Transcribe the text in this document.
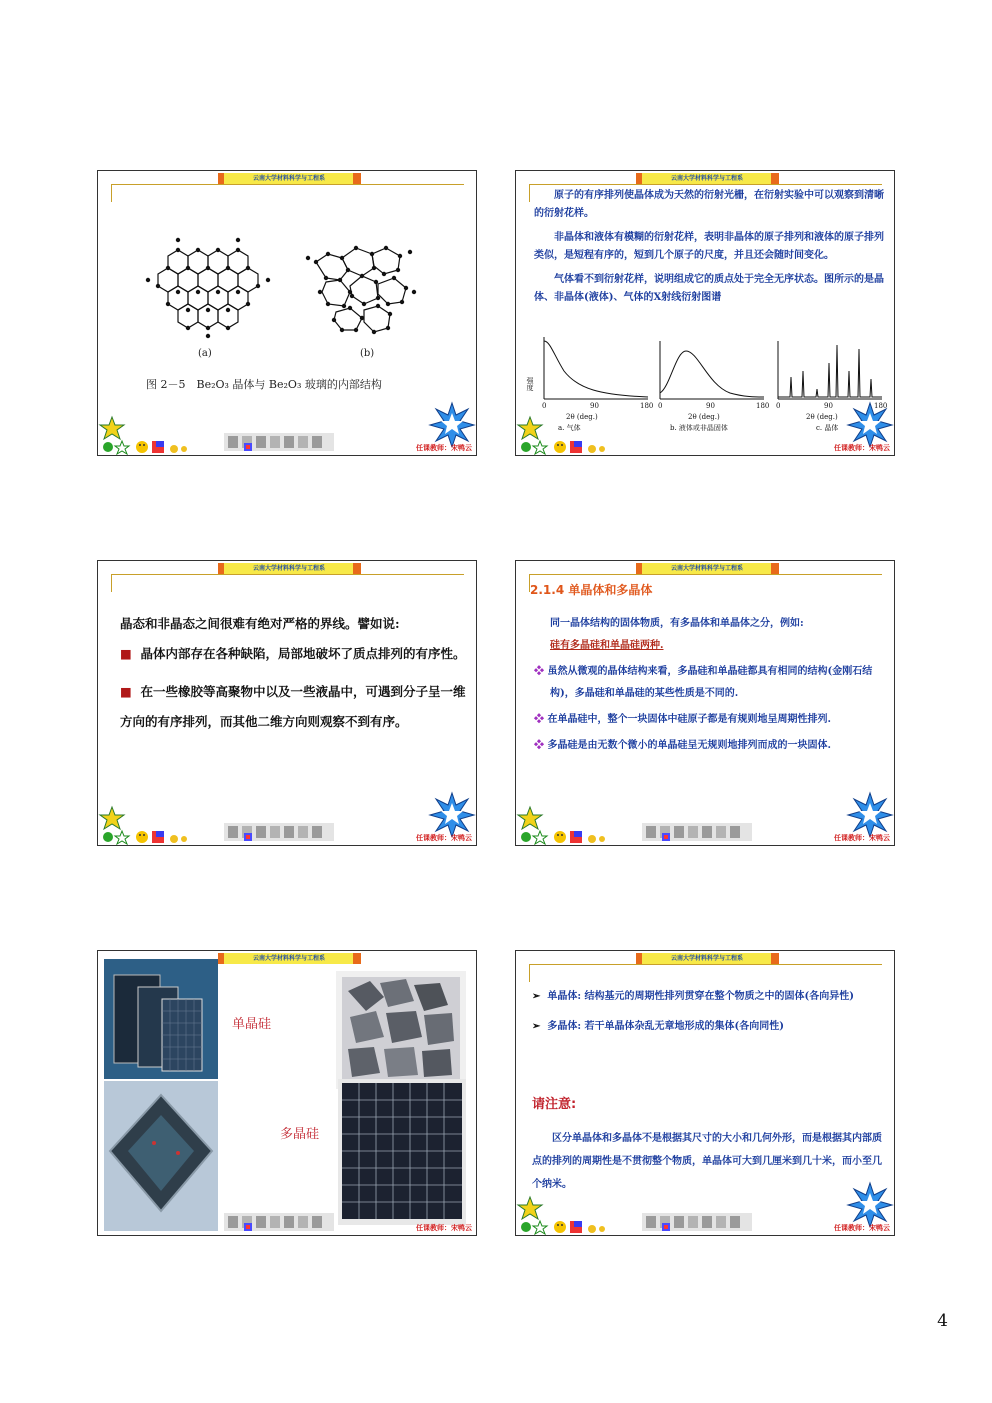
云南大学材料科学与工程系
(a)	(b)
图 2－5　Be₂O₃ 晶体与 Be₂O₃ 玻璃的内部结构
任课教师：宋鸭云
云南大学材料科学与工程系

原子的有序排列使晶体成为天然的衍射光栅，在衍射实验中可以观察到清晰的衍射花样。

非晶体和液体有模糊的衍射花样，表明非晶体的原子排列和液体的原子排列类似，是短程有序的，短到几个原子的尺度，并且还会随时间变化。

气体看不到衍射花样，说明组成它的质点处于完全无序状态。图所示的是晶体、非晶体(液体)、气体的X射线衍射图谱

强度
0	90	180 0	90	180 0	90	180
2θ (deg.)	2θ (deg.)	2θ (deg.)
a. 气体	b. 液体或非晶固体	c. 晶体
任课教师：宋鸭云
云南大学材料科学与工程系
晶态和非晶态之间很难有绝对严格的界线。譬如说:
■  晶体内部存在各种缺陷，局部地破坏了质点排列的有序性。
■  在一些橡胶等高聚物中以及一些液晶中，可遇到分子呈一维方向的有序排列，而其他二维方向则观察不到有序。
任课教师：宋鸭云
云南大学材料科学与工程系
2.1.4 单晶体和多晶体

同一晶体结构的固体物质，有多晶体和单晶体之分，例如:

硅有多晶硅和单晶硅两种.

❖ 虽然从微观的晶体结构来看，多晶硅和单晶硅都具有相同的结构(金刚石结构)，多晶硅和单晶硅的某些性质是不同的.

❖ 在单晶硅中，整个一块固体中硅原子都是有规则地呈周期性排列.

❖ 多晶硅是由无数个微小的单晶硅呈无规则地排列而成的一块固体.

任课教师：宋鸭云
云南大学材料科学与工程系
单晶硅
多晶硅
任课教师：宋鸭云
云南大学材料科学与工程系

➢  单晶体: 结构基元的周期性排列贯穿在整个物质之中的固体(各向异性)

➢  多晶体: 若干单晶体杂乱无章地形成的集体(各向同性)

请注意:
区分单晶体和多晶体不是根据其尺寸的大小和几何外形，而是根据其内部质点的排列的周期性是不贯彻整个物质，单晶体可大到几厘米到几十米，而小至几个纳米。
任课教师：宋鸭云
4
